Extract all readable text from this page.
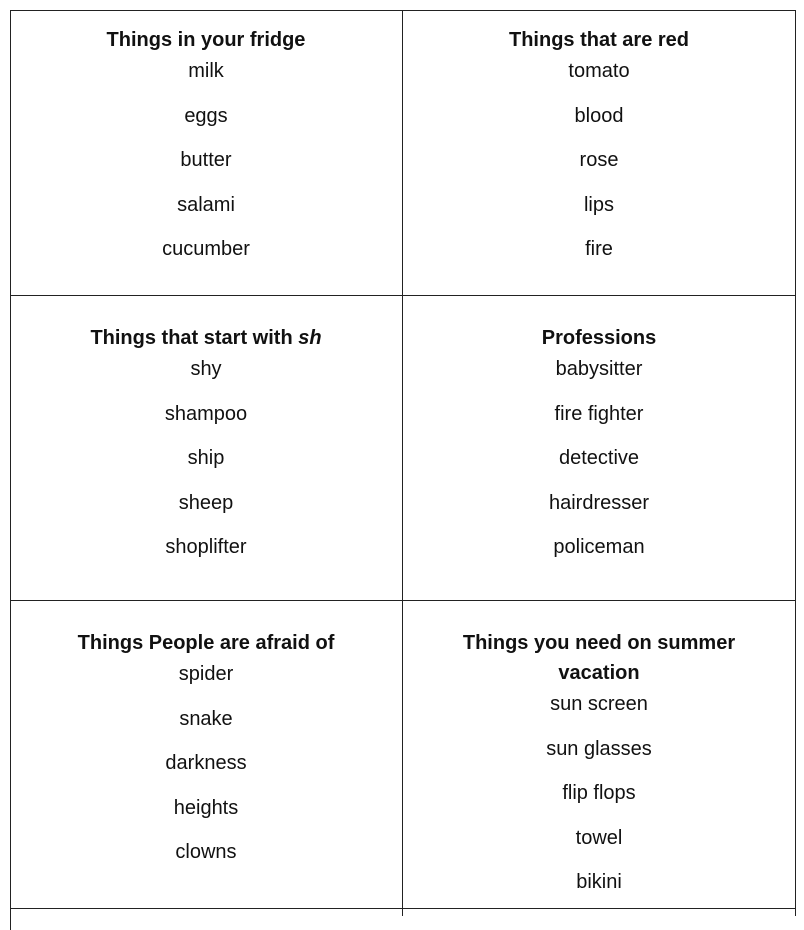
Things in your fridge
milk
eggs
butter
salami
cucumber
Things that are red
tomato
blood
rose
lips
fire
Things that start with sh
shy
shampoo
ship
sheep
shoplifter
Professions
babysitter
fire fighter
detective
hairdresser
policeman
Things People are afraid of
spider
snake
darkness
heights
clowns
Things you need on summer vacation
sun screen
sun glasses
flip flops
towel
bikini
